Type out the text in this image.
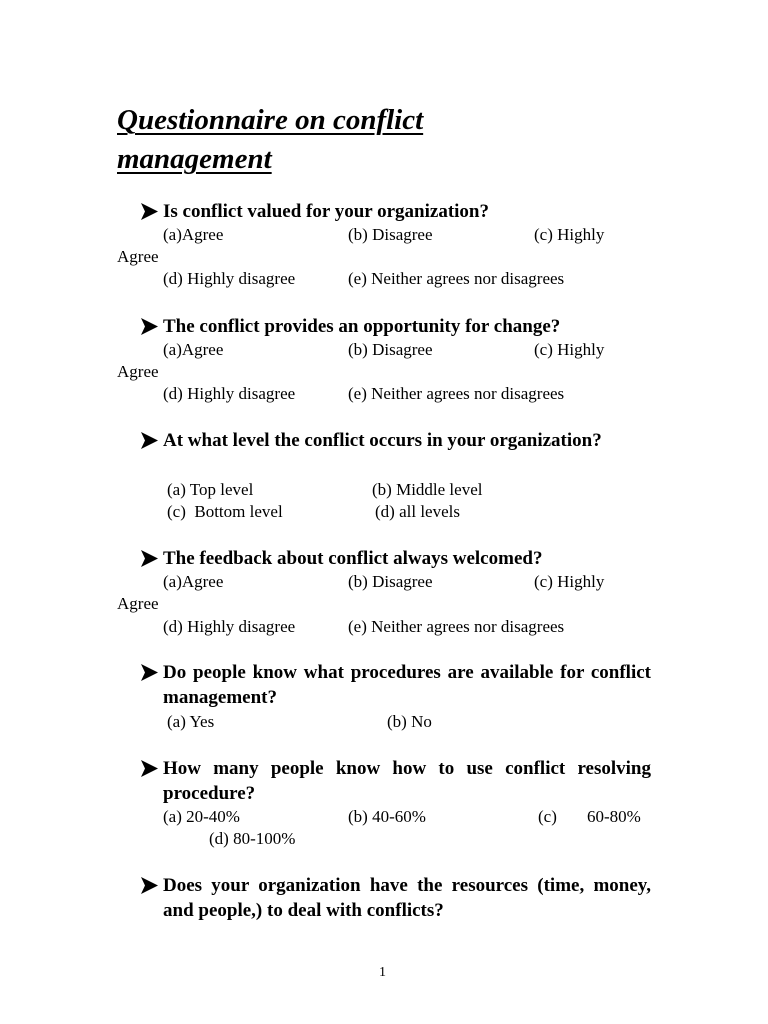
Questionnaire on conflict
management
Is conflict valued for your organization?
(a)Agree	(b) Disagree	(c) Highly
Agree
(d) Highly disagree	(e) Neither agrees nor disagrees
The conflict provides an opportunity for change?
(a)Agree	(b) Disagree	(c) Highly
Agree
(d) Highly disagree	(e) Neither agrees nor disagrees
At what level the conflict occurs in your organization?
(a) Top level	(b) Middle level
(c)  Bottom level	(d) all levels
The feedback about conflict always welcomed?
(a)Agree	(b) Disagree	(c) Highly
Agree
(d) Highly disagree	(e) Neither agrees nor disagrees
Do people know what procedures are available for conflict management?
(a) Yes	(b) No
How many people know how to use conflict resolving procedure?
(a) 20-40%	(b) 40-60%	(c) 60-80%
(d) 80-100%
Does your organization have the resources (time, money, and people,) to deal with conflicts?
1
